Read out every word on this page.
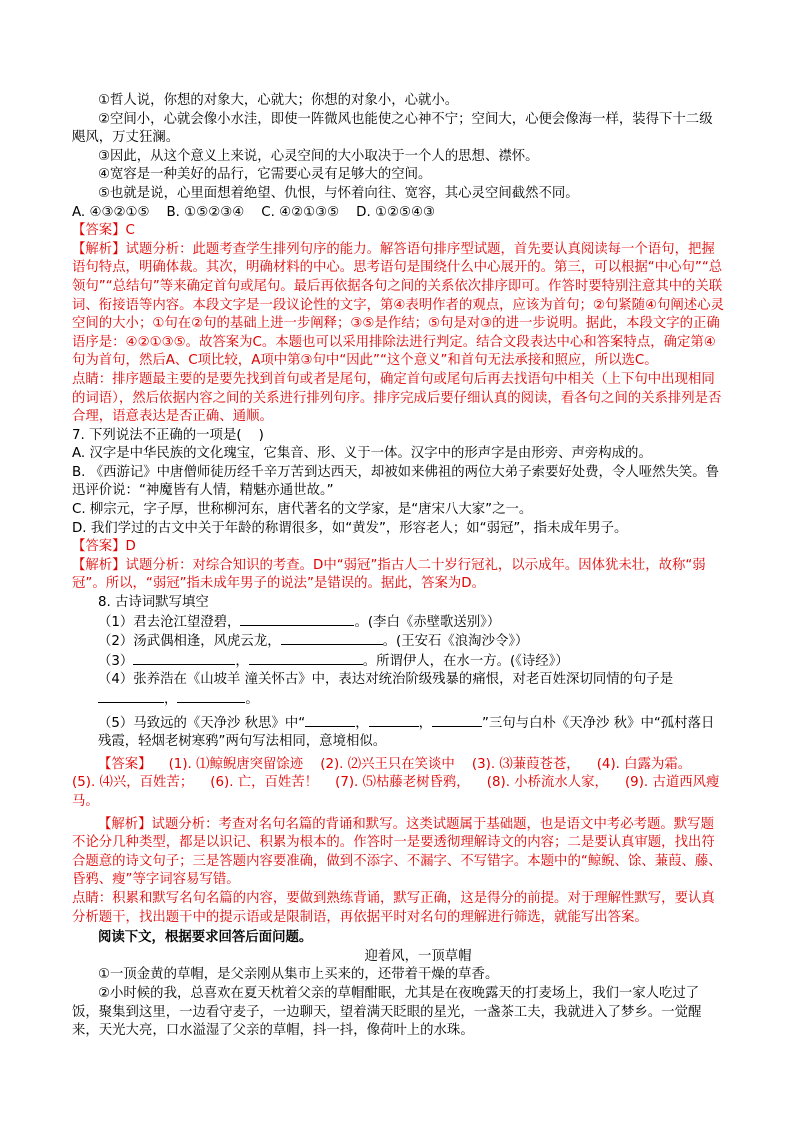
①哲人说，你想的对象大，心就大；你想的对象小，心就小。

②空间小，心就会像小水洼，即使一阵微风也能使之心神不宁；空间大，心便会像海一样，装得下十二级飓风，万丈狂澜。

③因此，从这个意义上来说，心灵空间的大小取决于一个人的思想、襟怀。

④宽容是一种美好的品行，它需要心灵有足够大的空间。

⑤也就是说，心里面想着绝望、仇恨，与怀着向往、宽容，其心灵空间截然不同。

A. ④③②①⑤    B. ①⑤②③④    C. ④②①③⑤    D. ①②⑤④③

【答案】C

【解析】试题分析：此题考查学生排列句序的能力。解答语句排序型试题，首先要认真阅读每一个语句，把握语句特点，明确体裁。其次，明确材料的中心。思考语句是围绕什么中心展开的。第三，可以根据“中心句”“总领句”“总结句”等来确定首句或尾句。最后再依据各句之间的关系依次排序即可。作答时要特别注意其中的关联词、衔接语等内容。本段文字是一段议论性的文字，第④表明作者的观点，应该为首句；②句紧随④句阐述心灵空间的大小；①句在②句的基础上进一步阐释；③⑤是作结；⑤句是对③的进一步说明。据此，本段文字的正确语序是：④②①③⑤。故答案为C。本题也可以采用排除法进行判定。结合文段表达中心和答案特点，确定第④句为首句，然后A、C项比较，A项中第③句中“因此”“这个意义”和首句无法承接和照应，所以选C。

点睛：排序题最主要的是要先找到首句或者是尾句，确定首句或尾句后再去找语句中相关（上下句中出现相同的词语），然后依据内容之间的关系进行排列句序。排序完成后要仔细认真的阅读，看各句之间的关系排列是否合理，语意表达是否正确、通顺。

7. 下列说法不正确的一项是(    )

A. 汉字是中华民族的文化瑰宝，它集音、形、义于一体。汉字中的形声字是由形旁、声旁构成的。

B. 《西游记》中唐僧师徒历经千辛万苦到达西天，却被如来佛祖的两位大弟子索要好处费，令人哑然失笑。鲁迅评价说：“神魔皆有人情，精魅亦通世故。”

C. 柳宗元，字子厚，世称柳河东，唐代著名的文学家，是“唐宋八大家”之一。

D. 我们学过的古文中关于年龄的称谓很多，如“黄发”，形容老人；如“弱冠”，指未成年男子。

【答案】D

【解析】试题分析：对综合知识的考查。D中“弱冠”指古人二十岁行冠礼，以示成年。因体犹未壮，故称“弱冠”。所以，“弱冠”指未成年男子的说法”是错误的。据此，答案为D。

8. 古诗词默写填空

（1）君去沧江望澄碧，	。(李白《赤壁歌送别》）

（2）汤武偶相逢，风虎云龙，	。(王安石《浪淘沙令》）

（3）	，	。所谓伊人，在水一方。(《诗经》）

（4）张养浩在《山坡羊 潼关怀古》中，表达对统治阶级残暴的痛恨，对老百姓深切同情的句子是，	。

（5）马致远的《天净沙 秋思》中“	，	，	”三句与白朴《天净沙 秋》中“孤村落日残霞，轻烟老树寒鸦”两句写法相同，意境相似。

【答案】    (1). ⑴鲸鲵唐突留馀迹    (2). ⑵兴王只在笑谈中    (3). ⑶蒹葭苍苍，    (4). 白露为霜。    (5). ⑷兴，百姓苦；    (6). 亡，百姓苦！    (7). ⑸枯藤老树昏鸦，    (8). 小桥流水人家，    (9). 古道西风瘦马。

【解析】试题分析：考查对名句名篇的背诵和默写。这类试题属于基础题，也是语文中考必考题。默写题不论分几种类型，都是以识记、积累为根本的。作答时一是要透彻理解诗文的内容；二是要认真审题，找出符合题意的诗文句子；三是答题内容要准确，做到不添字、不漏字、不写错字。本题中的“鲸鲵、馀、蒹葭、藤、昏鸦、瘦”等字词容易写错。

点睛：积累和默写名句名篇的内容，要做到熟练背诵，默写正确，这是得分的前提。对于理解性默写，要认真分析题干，找出题干中的提示语或是限制语，再依据平时对名句的理解进行筛选，就能写出答案。

阅读下文，根据要求回答后面问题。

迎着风，一顶草帽

①一顶金黄的草帽，是父亲刚从集市上买来的，还带着干燥的草香。

②小时候的我，总喜欢在夏天枕着父亲的草帽酣眠，尤其是在夜晚露天的打麦场上，我们一家人吃过了饭，聚集到这里，一边看守麦子，一边聊天，望着满天眨眼的星光，一盏茶工夫，我就进入了梦乡。一觉醒来，天光大亮，口水溢湿了父亲的草帽，抖一抖，像荷叶上的水珠。
